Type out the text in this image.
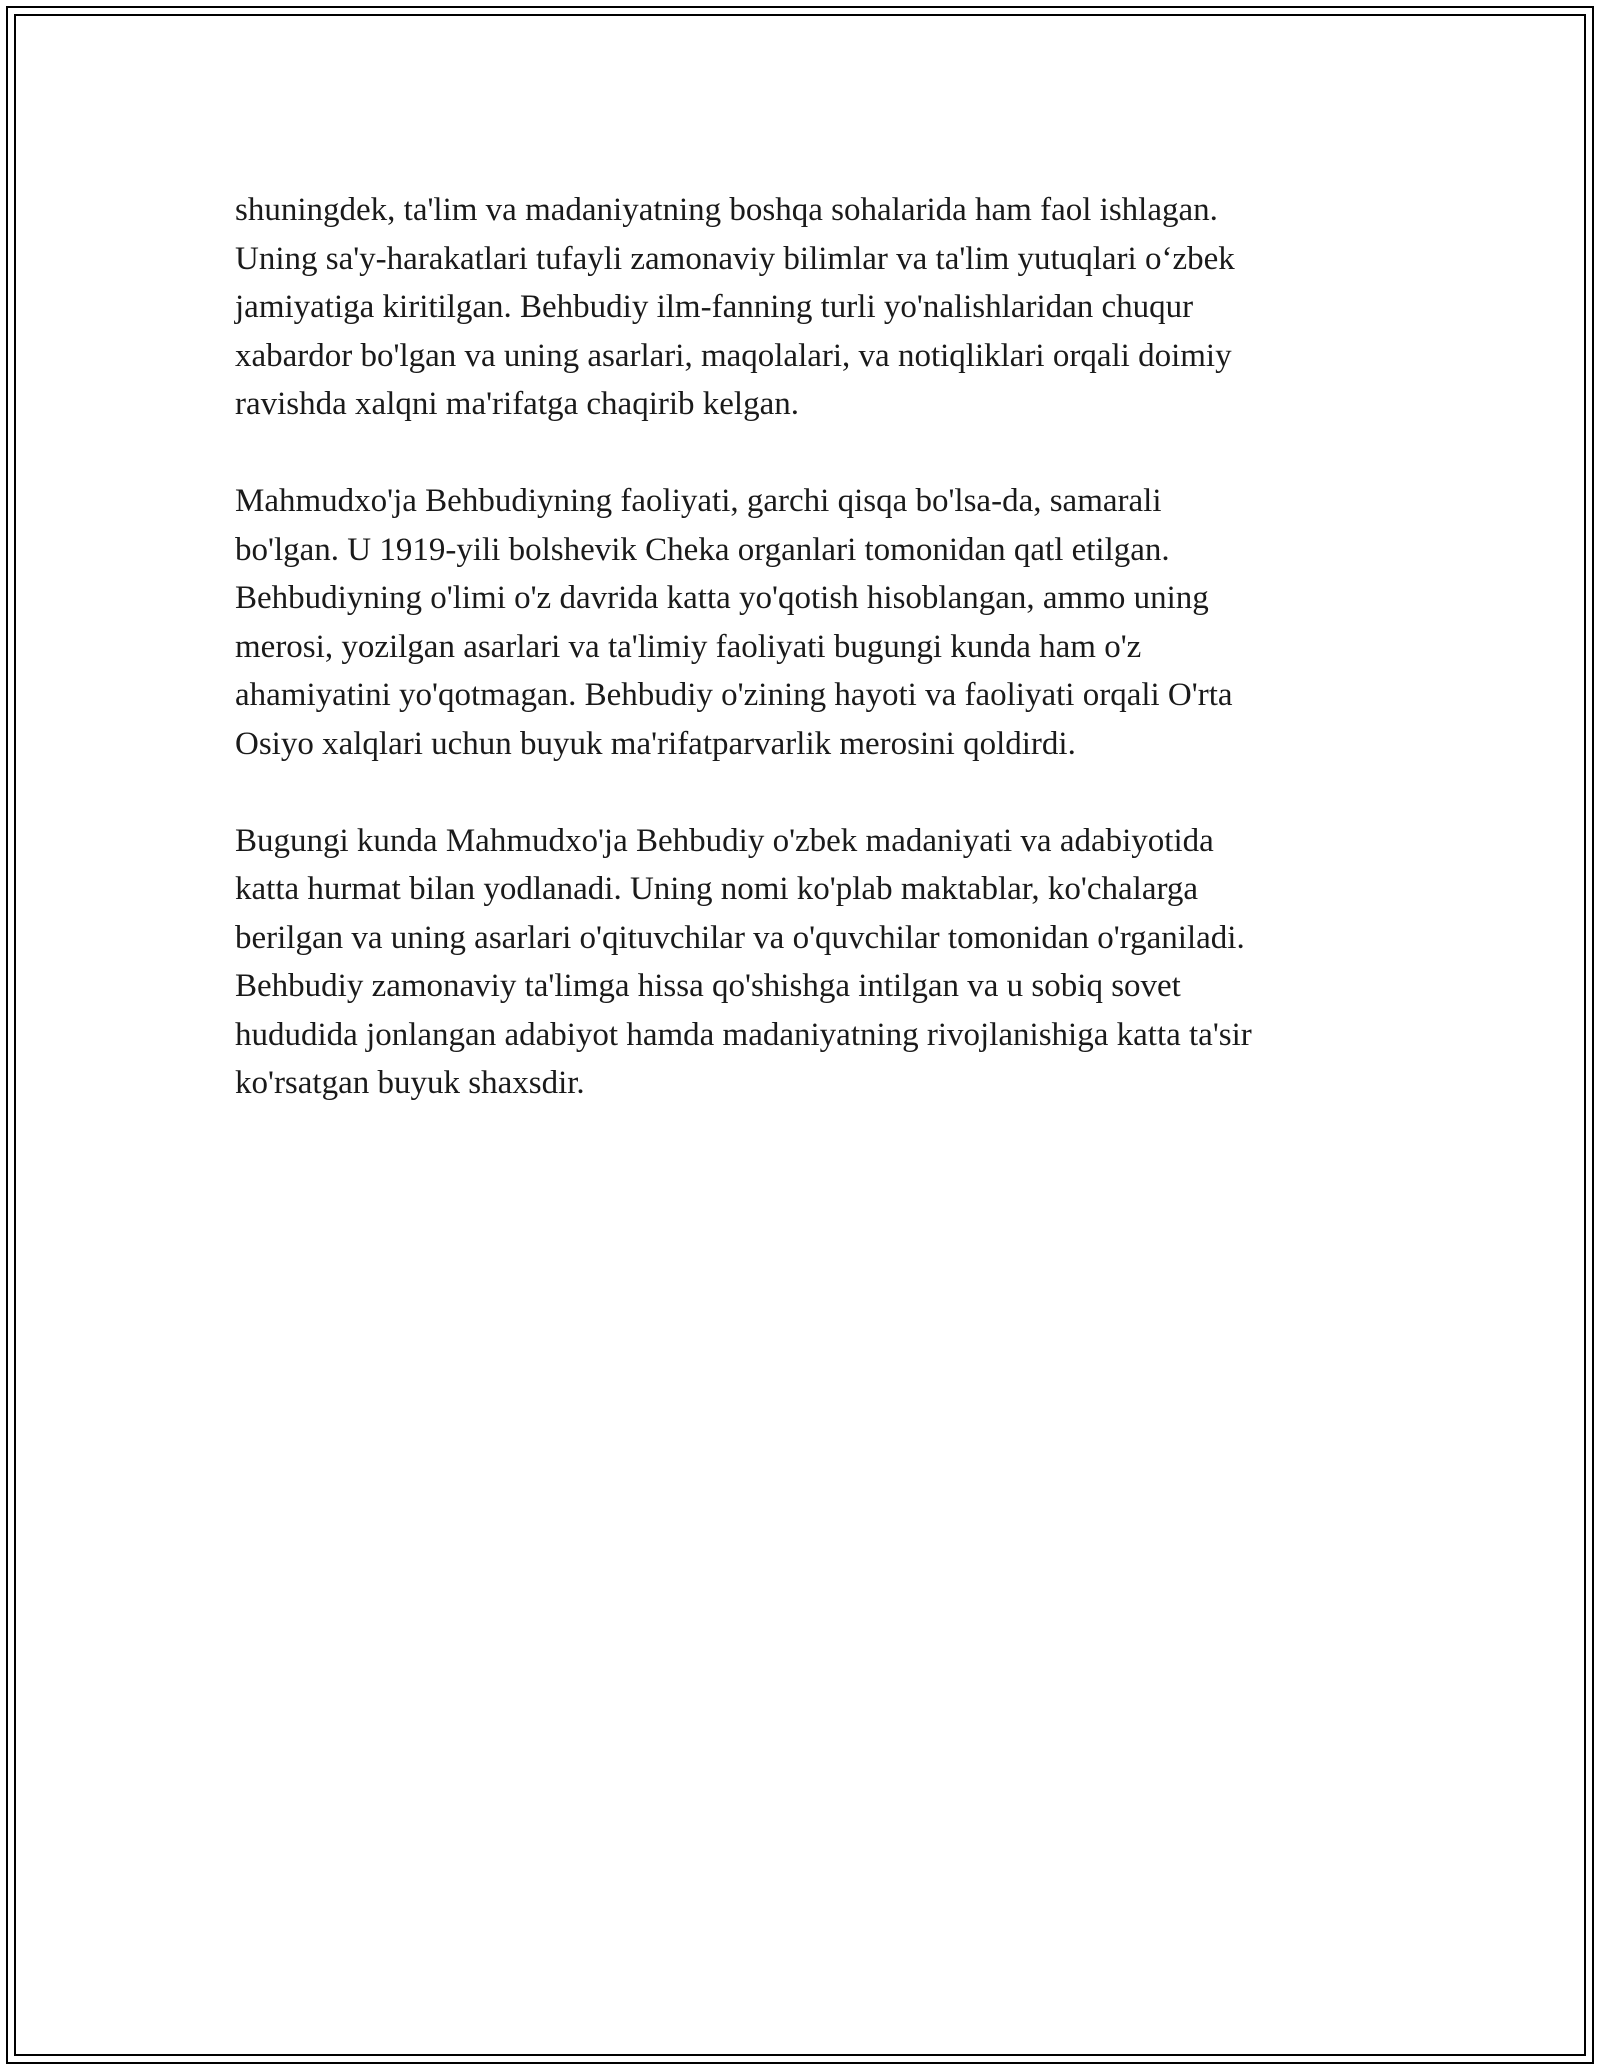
shuningdek, ta'lim va madaniyatning boshqa sohalarida ham faol ishlagan.
Uning sa'y-harakatlari tufayli zamonaviy bilimlar va ta'lim yutuqlari o‘zbek
jamiyatiga kiritilgan. Behbudiy ilm-fanning turli yo'nalishlaridan chuqur
xabardor bo'lgan va uning asarlari, maqolalari, va notiqliklari orqali doimiy
ravishda xalqni ma'rifatga chaqirib kelgan.

Mahmudxo'ja Behbudiyning faoliyati, garchi qisqa bo'lsa-da, samarali
bo'lgan. U 1919-yili bolshevik Cheka organlari tomonidan qatl etilgan.
Behbudiyning o'limi o'z davrida katta yo'qotish hisoblangan, ammo uning
merosi, yozilgan asarlari va ta'limiy faoliyati bugungi kunda ham o'z
ahamiyatini yo'qotmagan. Behbudiy o'zining hayoti va faoliyati orqali O'rta
Osiyo xalqlari uchun buyuk ma'rifatparvarlik merosini qoldirdi.

Bugungi kunda Mahmudxo'ja Behbudiy o'zbek madaniyati va adabiyotida
katta hurmat bilan yodlanadi. Uning nomi ko'plab maktablar, ko'chalarga
berilgan va uning asarlari o'qituvchilar va o'quvchilar tomonidan o'rganiladi.
Behbudiy zamonaviy ta'limga hissa qo'shishga intilgan va u sobiq sovet
hududida jonlangan adabiyot hamda madaniyatning rivojlanishiga katta ta'sir
ko'rsatgan buyuk shaxsdir.
